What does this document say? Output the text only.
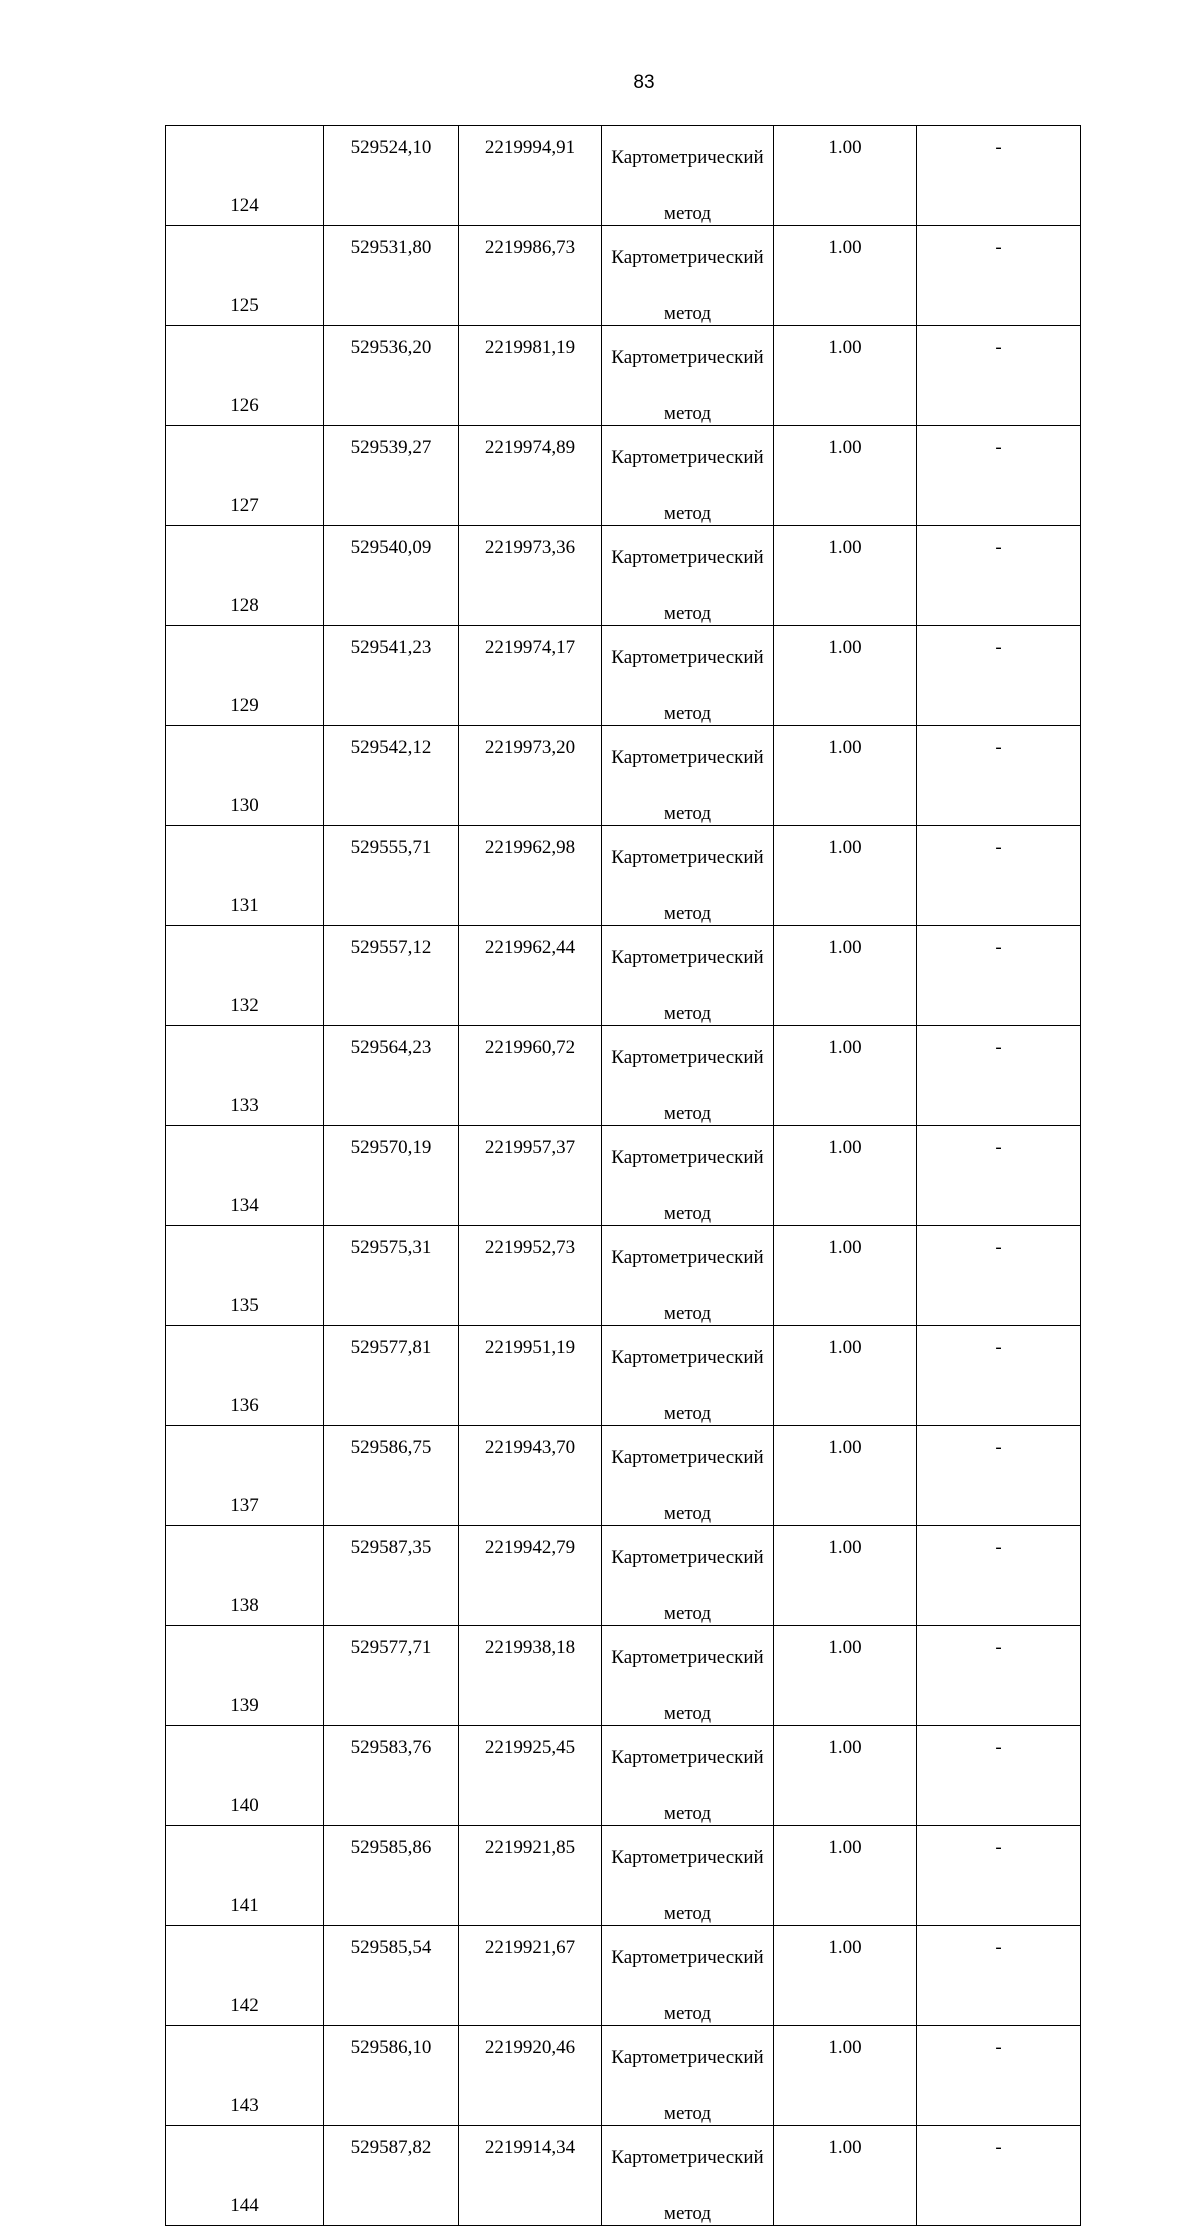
83
124	529524,10	2219994,91	Картометрический

метод	1.00	-

125	529531,80	2219986,73	Картометрический

метод	1.00	-

126	529536,20	2219981,19	Картометрический

метод	1.00	-

127	529539,27	2219974,89	Картометрический

метод	1.00	-

128	529540,09	2219973,36	Картометрический

метод	1.00	-

129	529541,23	2219974,17	Картометрический

метод	1.00	-

130	529542,12	2219973,20	Картометрический

метод	1.00	-

131	529555,71	2219962,98	Картометрический

метод	1.00	-

132	529557,12	2219962,44	Картометрический

метод	1.00	-

133	529564,23	2219960,72	Картометрический

метод	1.00	-

134	529570,19	2219957,37	Картометрический

метод	1.00	-

135	529575,31	2219952,73	Картометрический

метод	1.00	-

136	529577,81	2219951,19	Картометрический

метод	1.00	-

137	529586,75	2219943,70	Картометрический

метод	1.00	-

138	529587,35	2219942,79	Картометрический

метод	1.00	-

139	529577,71	2219938,18	Картометрический

метод	1.00	-

140	529583,76	2219925,45	Картометрический

метод	1.00	-

141	529585,86	2219921,85	Картометрический

метод	1.00	-

142	529585,54	2219921,67	Картометрический

метод	1.00	-

143	529586,10	2219920,46	Картометрический

метод	1.00	-

144	529587,82	2219914,34	Картометрический

метод	1.00	-
